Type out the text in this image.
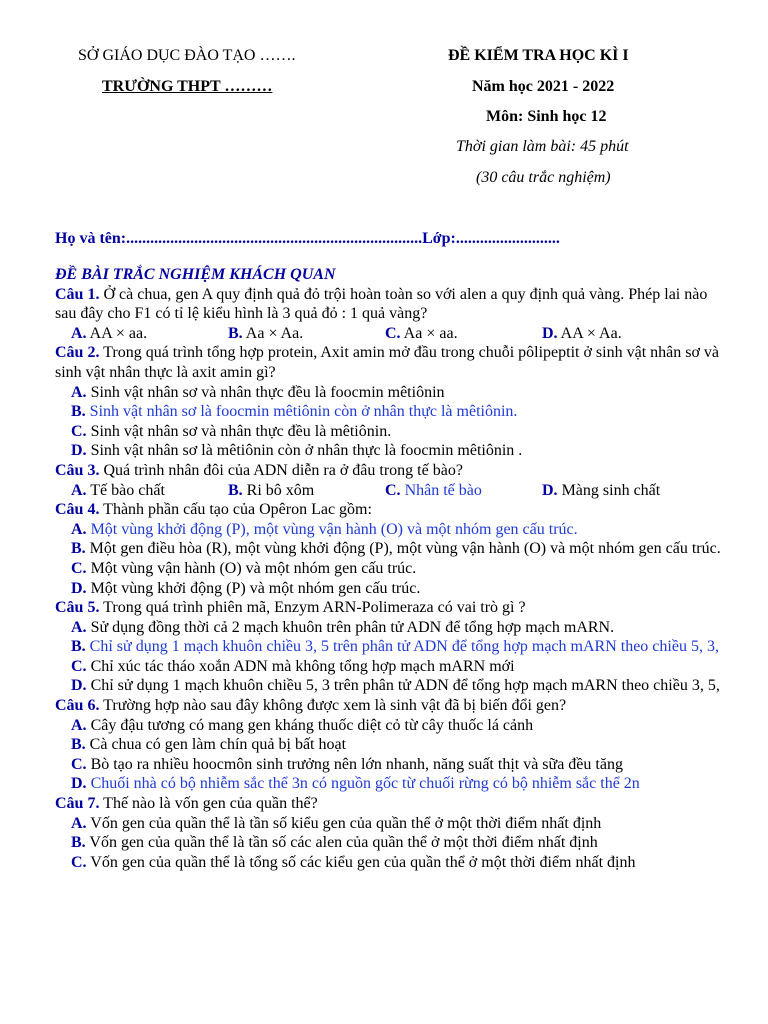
SỞ GIÁO DỤC ĐÀO TẠO …….
TRƯỜNG THPT ………
ĐỀ KIỂM TRA HỌC KÌ I
Năm học 2021 - 2022
Môn: Sinh học 12
Thời gian làm bài: 45 phút
(30 câu trắc nghiệm)
Họ và tên:..........................................................................Lớp:..........................
ĐỀ BÀI TRẮC NGHIỆM KHÁCH QUAN
Câu 1. Ở cà chua, gen A quy định quả đỏ trội hoàn toàn so với alen a quy định quả vàng. Phép lai nào sau đây cho F1 có tỉ lệ kiểu hình là 3 quả đỏ : 1 quả vàng?
A. AA × aa.	B. Aa × Aa.	C. Aa × aa.	D. AA × Aa.
Câu 2. Trong quá trình tổng hợp protein, Axit amin mở đầu trong chuỗi pôlipeptit ở sinh vật nhân sơ và sinh vật nhân thực là axit amin gì?
A. Sinh vật nhân sơ và nhân thực đều là foocmin mêtiônin
B. Sinh vật nhân sơ là foocmin mêtiônin còn ở nhân thực là mêtiônin.
C. Sinh vật nhân sơ và nhân thực đều là mêtiônin.
D. Sinh vật nhân sơ là mêtiônin còn ở nhân thực là foocmin mêtiônin .
Câu 3. Quá trình nhân đôi của ADN diễn ra ở đâu trong tế bào?
A. Tế bào chất	B. Ri bô xôm	C. Nhân tế bào	D. Màng sinh chất
Câu 4. Thành phần cấu tạo của Opêron Lac gồm:
A. Một vùng khởi động (P), một vùng vận hành (O) và một nhóm gen cấu trúc.
B. Một gen điều hòa (R), một vùng khởi động (P), một vùng vận hành (O) và một nhóm gen cấu trúc.
C. Một vùng vận hành (O) và một nhóm gen cấu trúc.
D. Một vùng khởi động (P) và một nhóm gen cấu trúc.
Câu 5. Trong quá trình phiên mã, Enzym ARN-Polimeraza có vai trò gì ?
A. Sử dụng đồng thời cả 2 mạch khuôn trên phân tử ADN để tổng hợp mạch mARN.
B. Chỉ sử dụng 1 mạch khuôn chiều 3, 5 trên phân tử ADN để tổng hợp mạch mARN theo chiều 5, 3,
C. Chỉ xúc tác tháo xoắn ADN mà không tổng hợp mạch mARN mới
D. Chỉ sử dụng 1 mạch khuôn chiều 5, 3 trên phân tử ADN để tổng hợp mạch mARN theo chiều 3, 5,
Câu 6. Trường hợp nào sau đây không được xem là sinh vật đã bị biến đổi gen?
A. Cây đậu tương có mang gen kháng thuốc diệt cỏ từ cây thuốc lá cảnh
B. Cà chua có gen làm chín quả bị bất hoạt
C. Bò tạo ra nhiều hoocmôn sinh trưởng nên lớn nhanh, năng suất thịt và sữa đều tăng
D. Chuối nhà có bộ nhiễm sắc thể 3n có nguồn gốc từ chuối rừng có bộ nhiễm sắc thể 2n
Câu 7. Thế nào là vốn gen của quần thể?
A. Vốn gen của quần thể là tần số kiểu gen của quần thể ở một thời điểm nhất định
B. Vốn gen của quần thể là tần số các alen của quần thể ở một thời điểm nhất định
C. Vốn gen của quần thể là tổng số các kiểu gen của quần thể ở một thời điểm nhất định
